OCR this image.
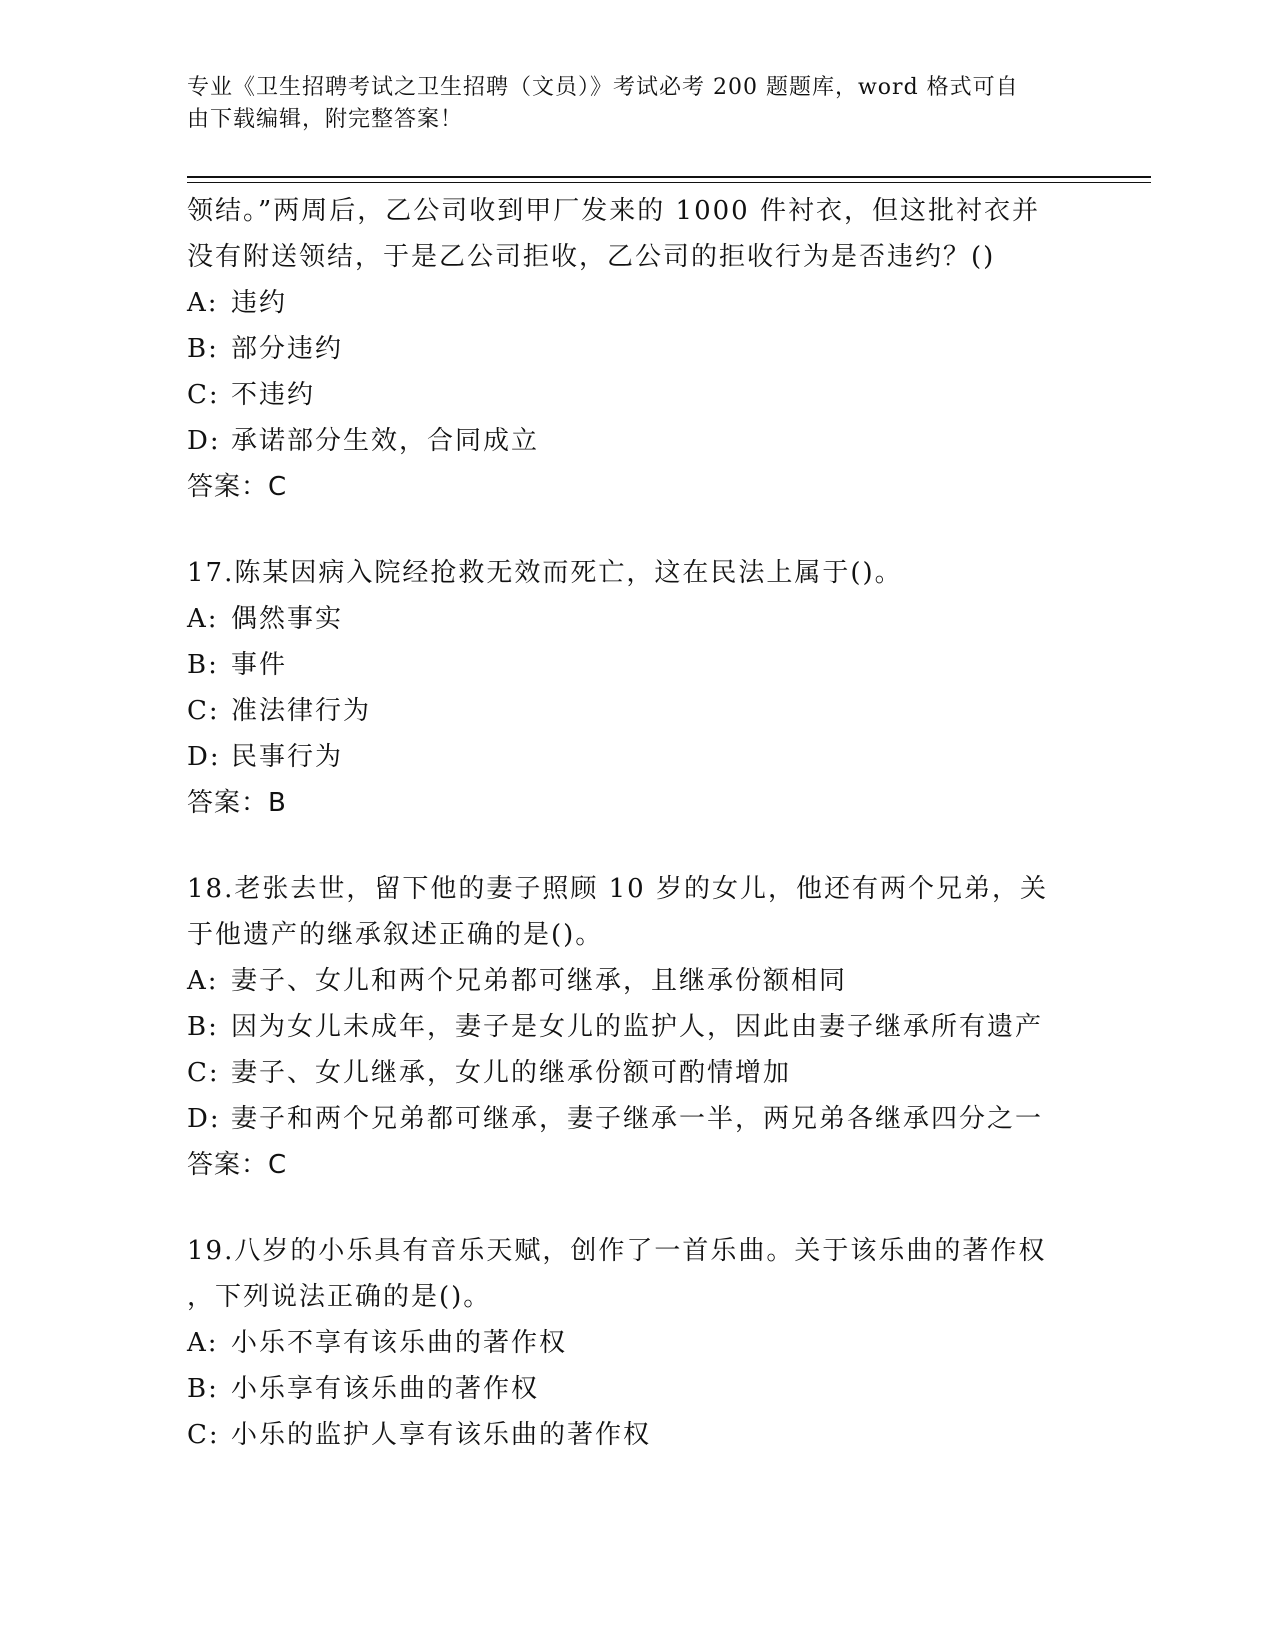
专业《卫生招聘考试之卫生招聘（文员）》考试必考 200 题题库，word 格式可自
由下载编辑，附完整答案！
领结。”两周后，乙公司收到甲厂发来的 1000 件衬衣，但这批衬衣并
没有附送领结，于是乙公司拒收，乙公司的拒收行为是否违约？()
A: 违约
B: 部分违约
C: 不违约
D: 承诺部分生效，合同成立
答案：C
17.陈某因病入院经抢救无效而死亡，这在民法上属于()。
A: 偶然事实
B: 事件
C: 准法律行为
D: 民事行为
答案：B
18.老张去世，留下他的妻子照顾 10 岁的女儿，他还有两个兄弟，关
于他遗产的继承叙述正确的是()。
A: 妻子、女儿和两个兄弟都可继承，且继承份额相同
B: 因为女儿未成年，妻子是女儿的监护人，因此由妻子继承所有遗产
C: 妻子、女儿继承，女儿的继承份额可酌情增加
D: 妻子和两个兄弟都可继承，妻子继承一半，两兄弟各继承四分之一
答案：C
19.八岁的小乐具有音乐天赋，创作了一首乐曲。关于该乐曲的著作权
，下列说法正确的是()。
A: 小乐不享有该乐曲的著作权
B: 小乐享有该乐曲的著作权
C: 小乐的监护人享有该乐曲的著作权
